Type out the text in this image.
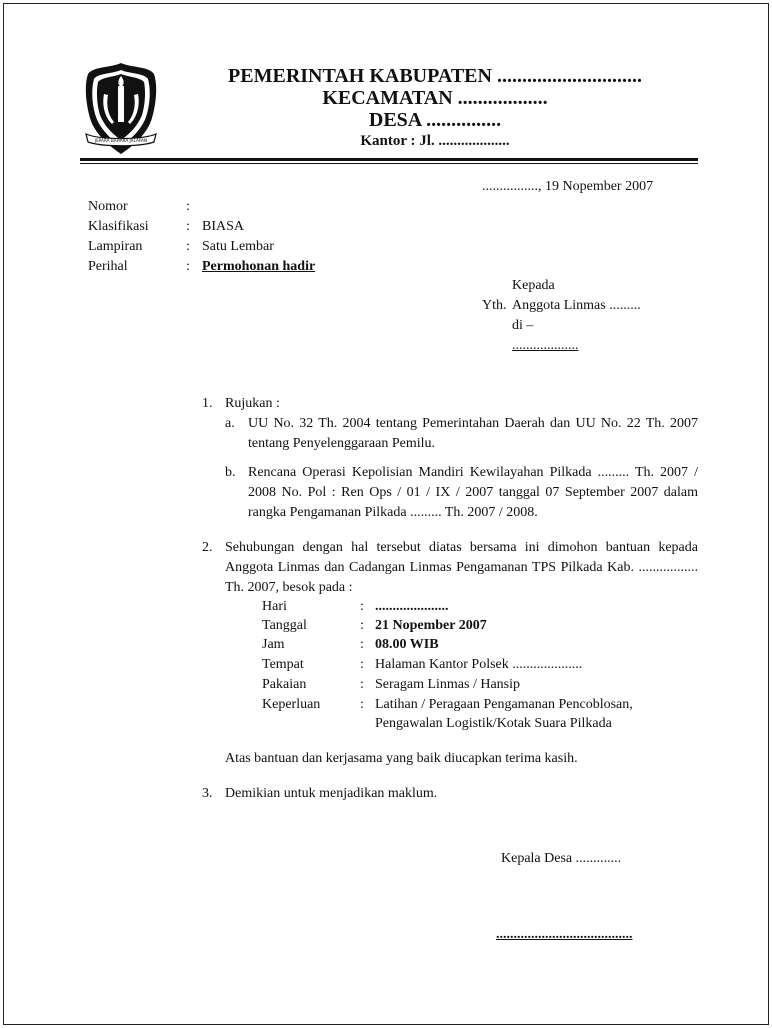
JEPARA BAHARA JALAPAN
PEMERINTAH KABUPATEN .............................
KECAMATAN ..................
DESA ...............
Kantor : Jl. ...................
................, 19 Nopember 2007
Nomor	:
Klasifikasi	: BIASA
Lampiran	: Satu Lembar
Perihal	: Permohonan hadir
Kepada
Yth. Anggota Linmas .........
di –
...................
1. Rujukan :
a. UU No. 32 Th. 2004 tentang Pemerintahan Daerah dan UU No. 22 Th. 2007 tentang Penyelenggaraan Pemilu.
b. Rencana Operasi Kepolisian Mandiri Kewilayahan Pilkada ......... Th. 2007 / 2008 No. Pol : Ren Ops / 01 / IX / 2007 tanggal 07 September 2007 dalam rangka Pengamanan Pilkada ......... Th. 2007 / 2008.
2. Sehubungan dengan hal tersebut diatas bersama ini dimohon bantuan kepada Anggota Linmas dan Cadangan Linmas Pengamanan TPS Pilkada Kab. ................. Th. 2007, besok pada :
Hari	: .....................
Tanggal	: 21 Nopember 2007
Jam	: 08.00 WIB
Tempat	: Halaman Kantor Polsek ....................
Pakaian	: Seragam Linmas / Hansip
Keperluan	: Latihan / Peragaan Pengamanan Pencoblosan,
Pengawalan Logistik/Kotak Suara Pilkada
Atas bantuan dan kerjasama yang baik diucapkan terima kasih.
3. Demikian untuk menjadikan maklum.
Kepala Desa .............
.......................................
